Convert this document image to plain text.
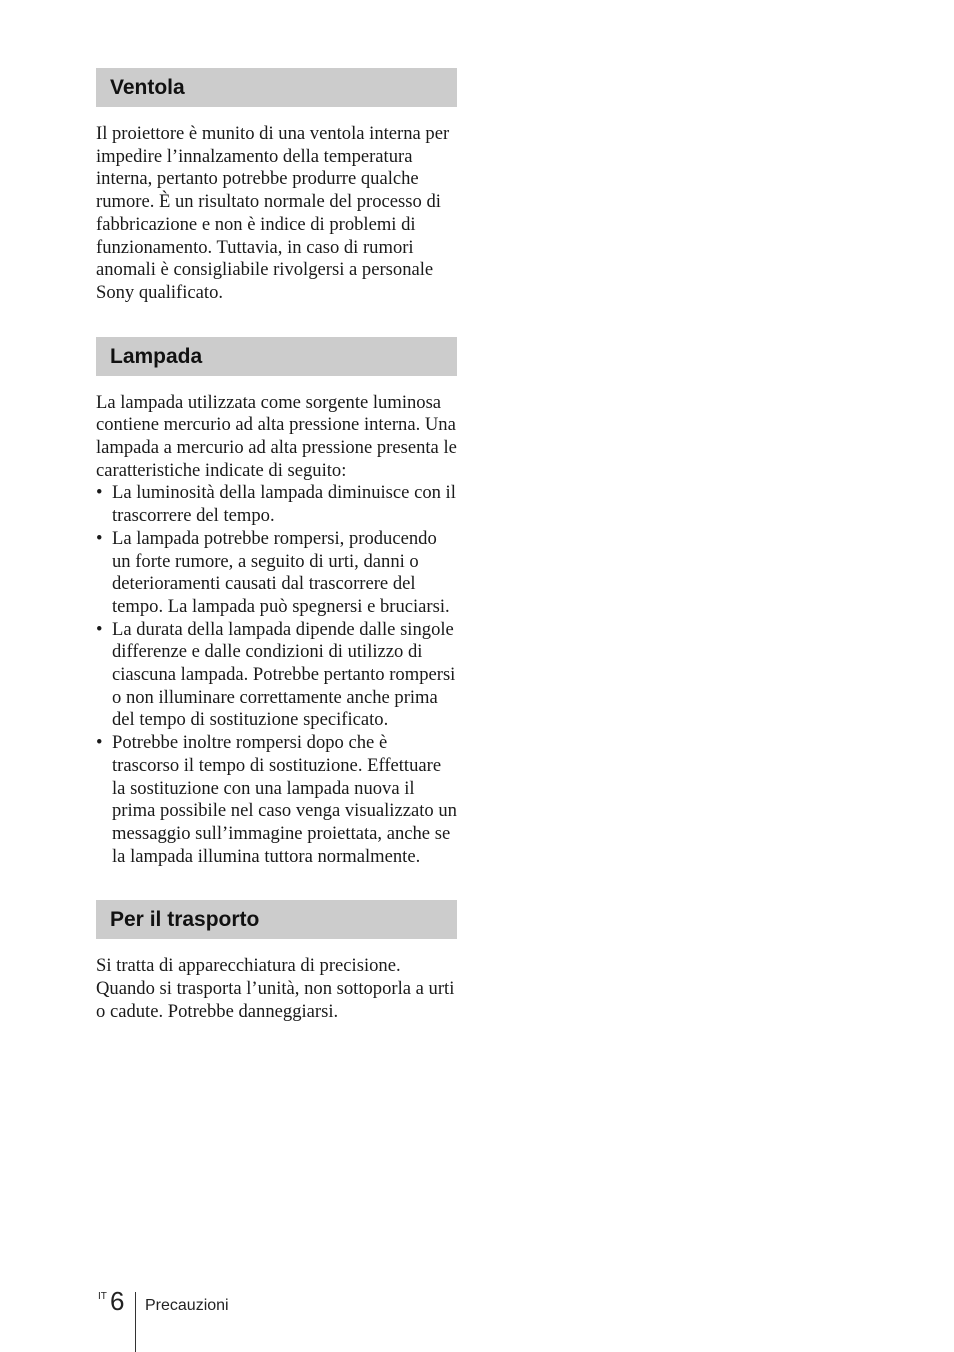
Ventola

Il proiettore è munito di una ventola interna per impedire l’innalzamento della temperatura interna, pertanto potrebbe produrre qualche rumore. È un risultato normale del processo di fabbricazione e non è indice di problemi di funzionamento. Tuttavia, in caso di rumori anomali è consigliabile rivolgersi a personale Sony qualificato.

Lampada

La lampada utilizzata come sorgente luminosa contiene mercurio ad alta pressione interna. Una lampada a mercurio ad alta pressione presenta le caratteristiche indicate di seguito:

• La luminosità della lampada diminuisce con il trascorrere del tempo.
• La lampada potrebbe rompersi, producendo un forte rumore, a seguito di urti, danni o deterioramenti causati dal trascorrere del tempo. La lampada può spegnersi e bruciarsi.
• La durata della lampada dipende dalle singole differenze e dalle condizioni di utilizzo di ciascuna lampada. Potrebbe pertanto rompersi o non illuminare correttamente anche prima del tempo di sostituzione specificato.
• Potrebbe inoltre rompersi dopo che è trascorso il tempo di sostituzione. Effettuare la sostituzione con una lampada nuova il prima possibile nel caso venga visualizzato un messaggio sull’immagine proiettata, anche se la lampada illumina tuttora normalmente.
Per il trasporto

Si tratta di apparecchiatura di precisione. Quando si trasporta l’unità, non sottoporla a urti o cadute. Potrebbe danneggiarsi.

IT 6 Precauzioni
